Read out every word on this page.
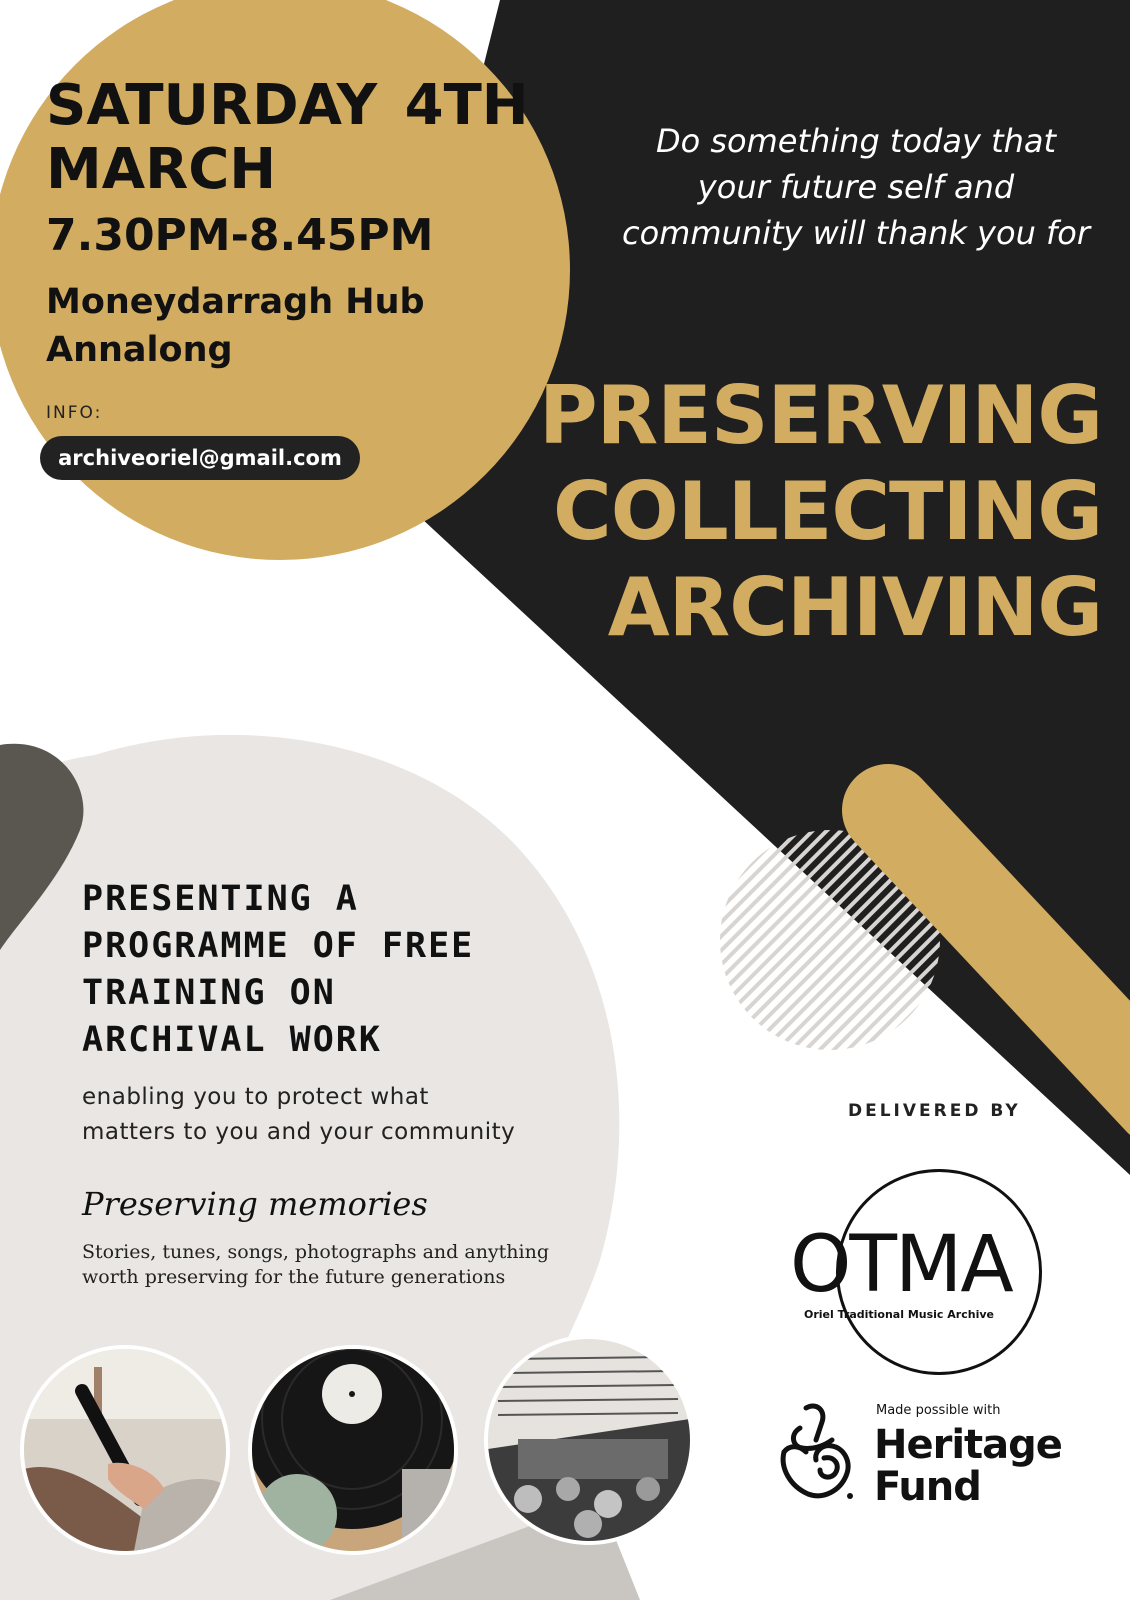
SATURDAY 4TH
MARCH
7.30PM-8.45PM
Moneydarragh Hub
Annalong
INFO:
archiveoriel@gmail.com
Do something today that
your future self and
community will thank you for
PRESERVING
COLLECTING
ARCHIVING
PRESENTING A
PROGRAMME OF FREE
TRAINING ON
ARCHIVAL WORK
enabling you to protect what
matters to you and your community
Preserving memories
Stories, tunes, songs, photographs and anything
worth preserving for the future generations
DELIVERED BY
OTMA
Oriel Traditional Music Archive
Made possible with
Heritage
Fund
